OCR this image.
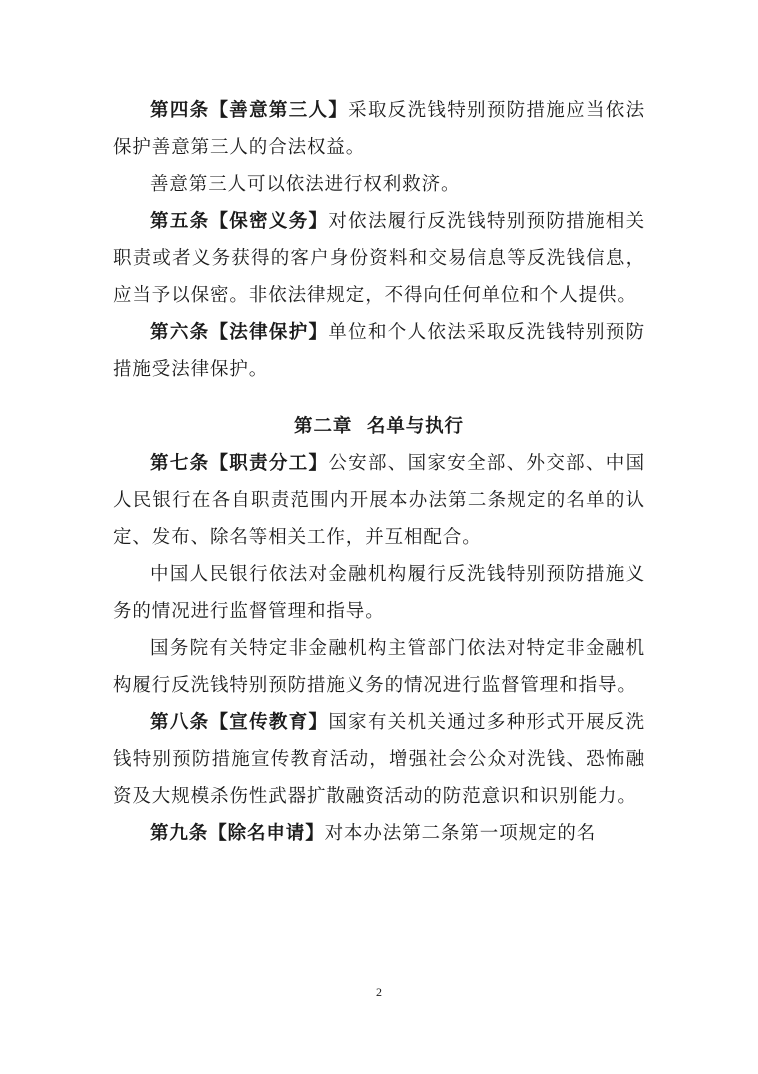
第四条【善意第三人】采取反洗钱特别预防措施应当依法保护善意第三人的合法权益。

善意第三人可以依法进行权利救济。

第五条【保密义务】对依法履行反洗钱特别预防措施相关职责或者义务获得的客户身份资料和交易信息等反洗钱信息，应当予以保密。非依法律规定，不得向任何单位和个人提供。

第六条【法律保护】单位和个人依法采取反洗钱特别预防措施受法律保护。

第二章  名单与执行

第七条【职责分工】公安部、国家安全部、外交部、中国人民银行在各自职责范围内开展本办法第二条规定的名单的认定、发布、除名等相关工作，并互相配合。

中国人民银行依法对金融机构履行反洗钱特别预防措施义务的情况进行监督管理和指导。

国务院有关特定非金融机构主管部门依法对特定非金融机构履行反洗钱特别预防措施义务的情况进行监督管理和指导。

第八条【宣传教育】国家有关机关通过多种形式开展反洗钱特别预防措施宣传教育活动，增强社会公众对洗钱、恐怖融资及大规模杀伤性武器扩散融资活动的防范意识和识别能力。

第九条【除名申请】对本办法第二条第一项规定的名

2
